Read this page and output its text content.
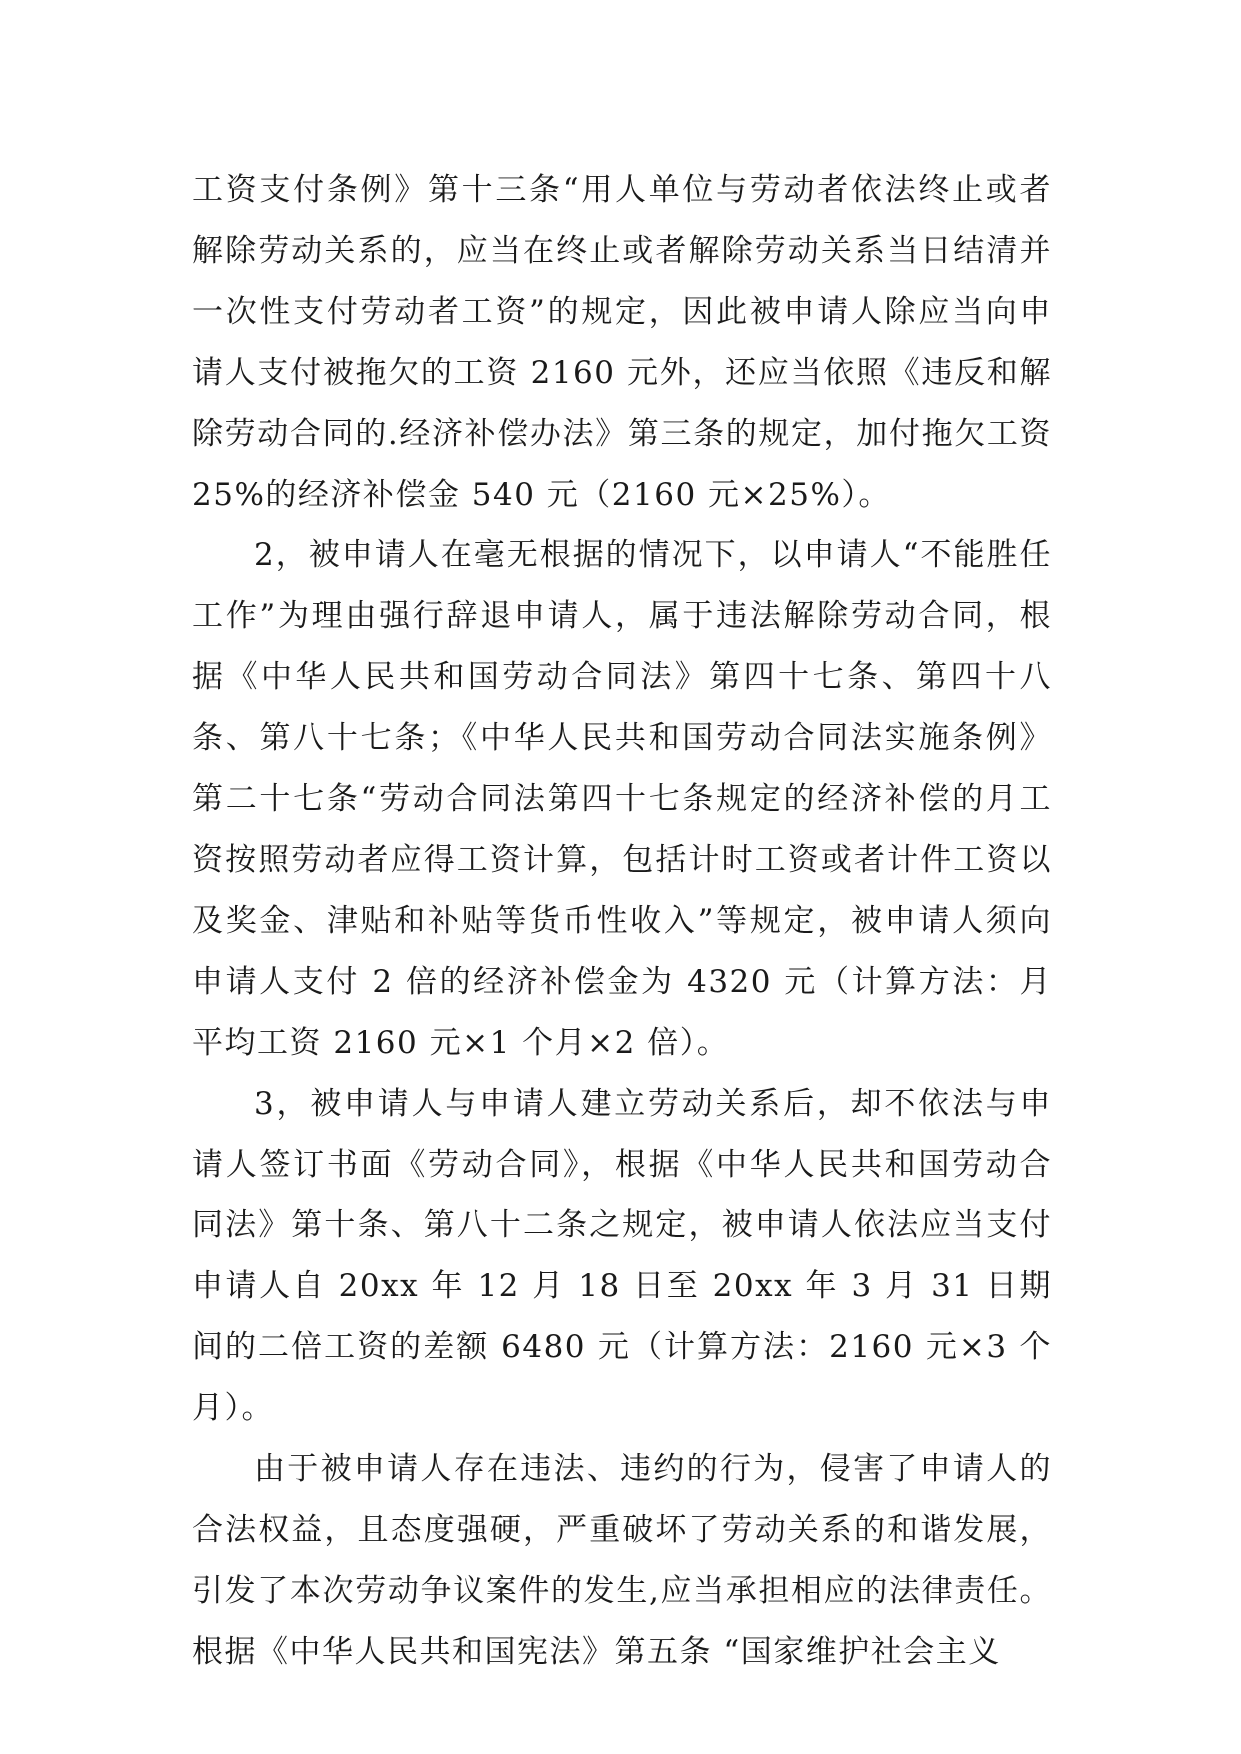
工资支付条例》第十三条“用人单位与劳动者依法终止或者解除劳动关系的，应当在终止或者解除劳动关系当日结清并一次性支付劳动者工资”的规定，因此被申请人除应当向申请人支付被拖欠的工资 2160 元外，还应当依照《违反和解除劳动合同的.经济补偿办法》第三条的规定，加付拖欠工资 25%的经济补偿金 540 元（2160 元×25%）。

2，被申请人在毫无根据的情况下，以申请人“不能胜任工作”为理由强行辞退申请人，属于违法解除劳动合同，根据《中华人民共和国劳动合同法》第四十七条、第四十八条、第八十七条；《中华人民共和国劳动合同法实施条例》第二十七条“劳动合同法第四十七条规定的经济补偿的月工资按照劳动者应得工资计算，包括计时工资或者计件工资以及奖金、津贴和补贴等货币性收入”等规定，被申请人须向申请人支付 2 倍的经济补偿金为 4320 元（计算方法：月平均工资 2160 元×1 个月×2 倍）。

3，被申请人与申请人建立劳动关系后，却不依法与申请人签订书面《劳动合同》，根据《中华人民共和国劳动合同法》第十条、第八十二条之规定，被申请人依法应当支付申请人自 20xx 年 12 月 18 日至 20xx 年 3 月 31 日期间的二倍工资的差额 6480 元（计算方法：2160 元×3 个月）。

由于被申请人存在违法、违约的行为，侵害了申请人的合法权益，且态度强硬，严重破坏了劳动关系的和谐发展，引发了本次劳动争议案件的发生,应当承担相应的法律责任。根据《中华人民共和国宪法》第五条 “国家维护社会主义
